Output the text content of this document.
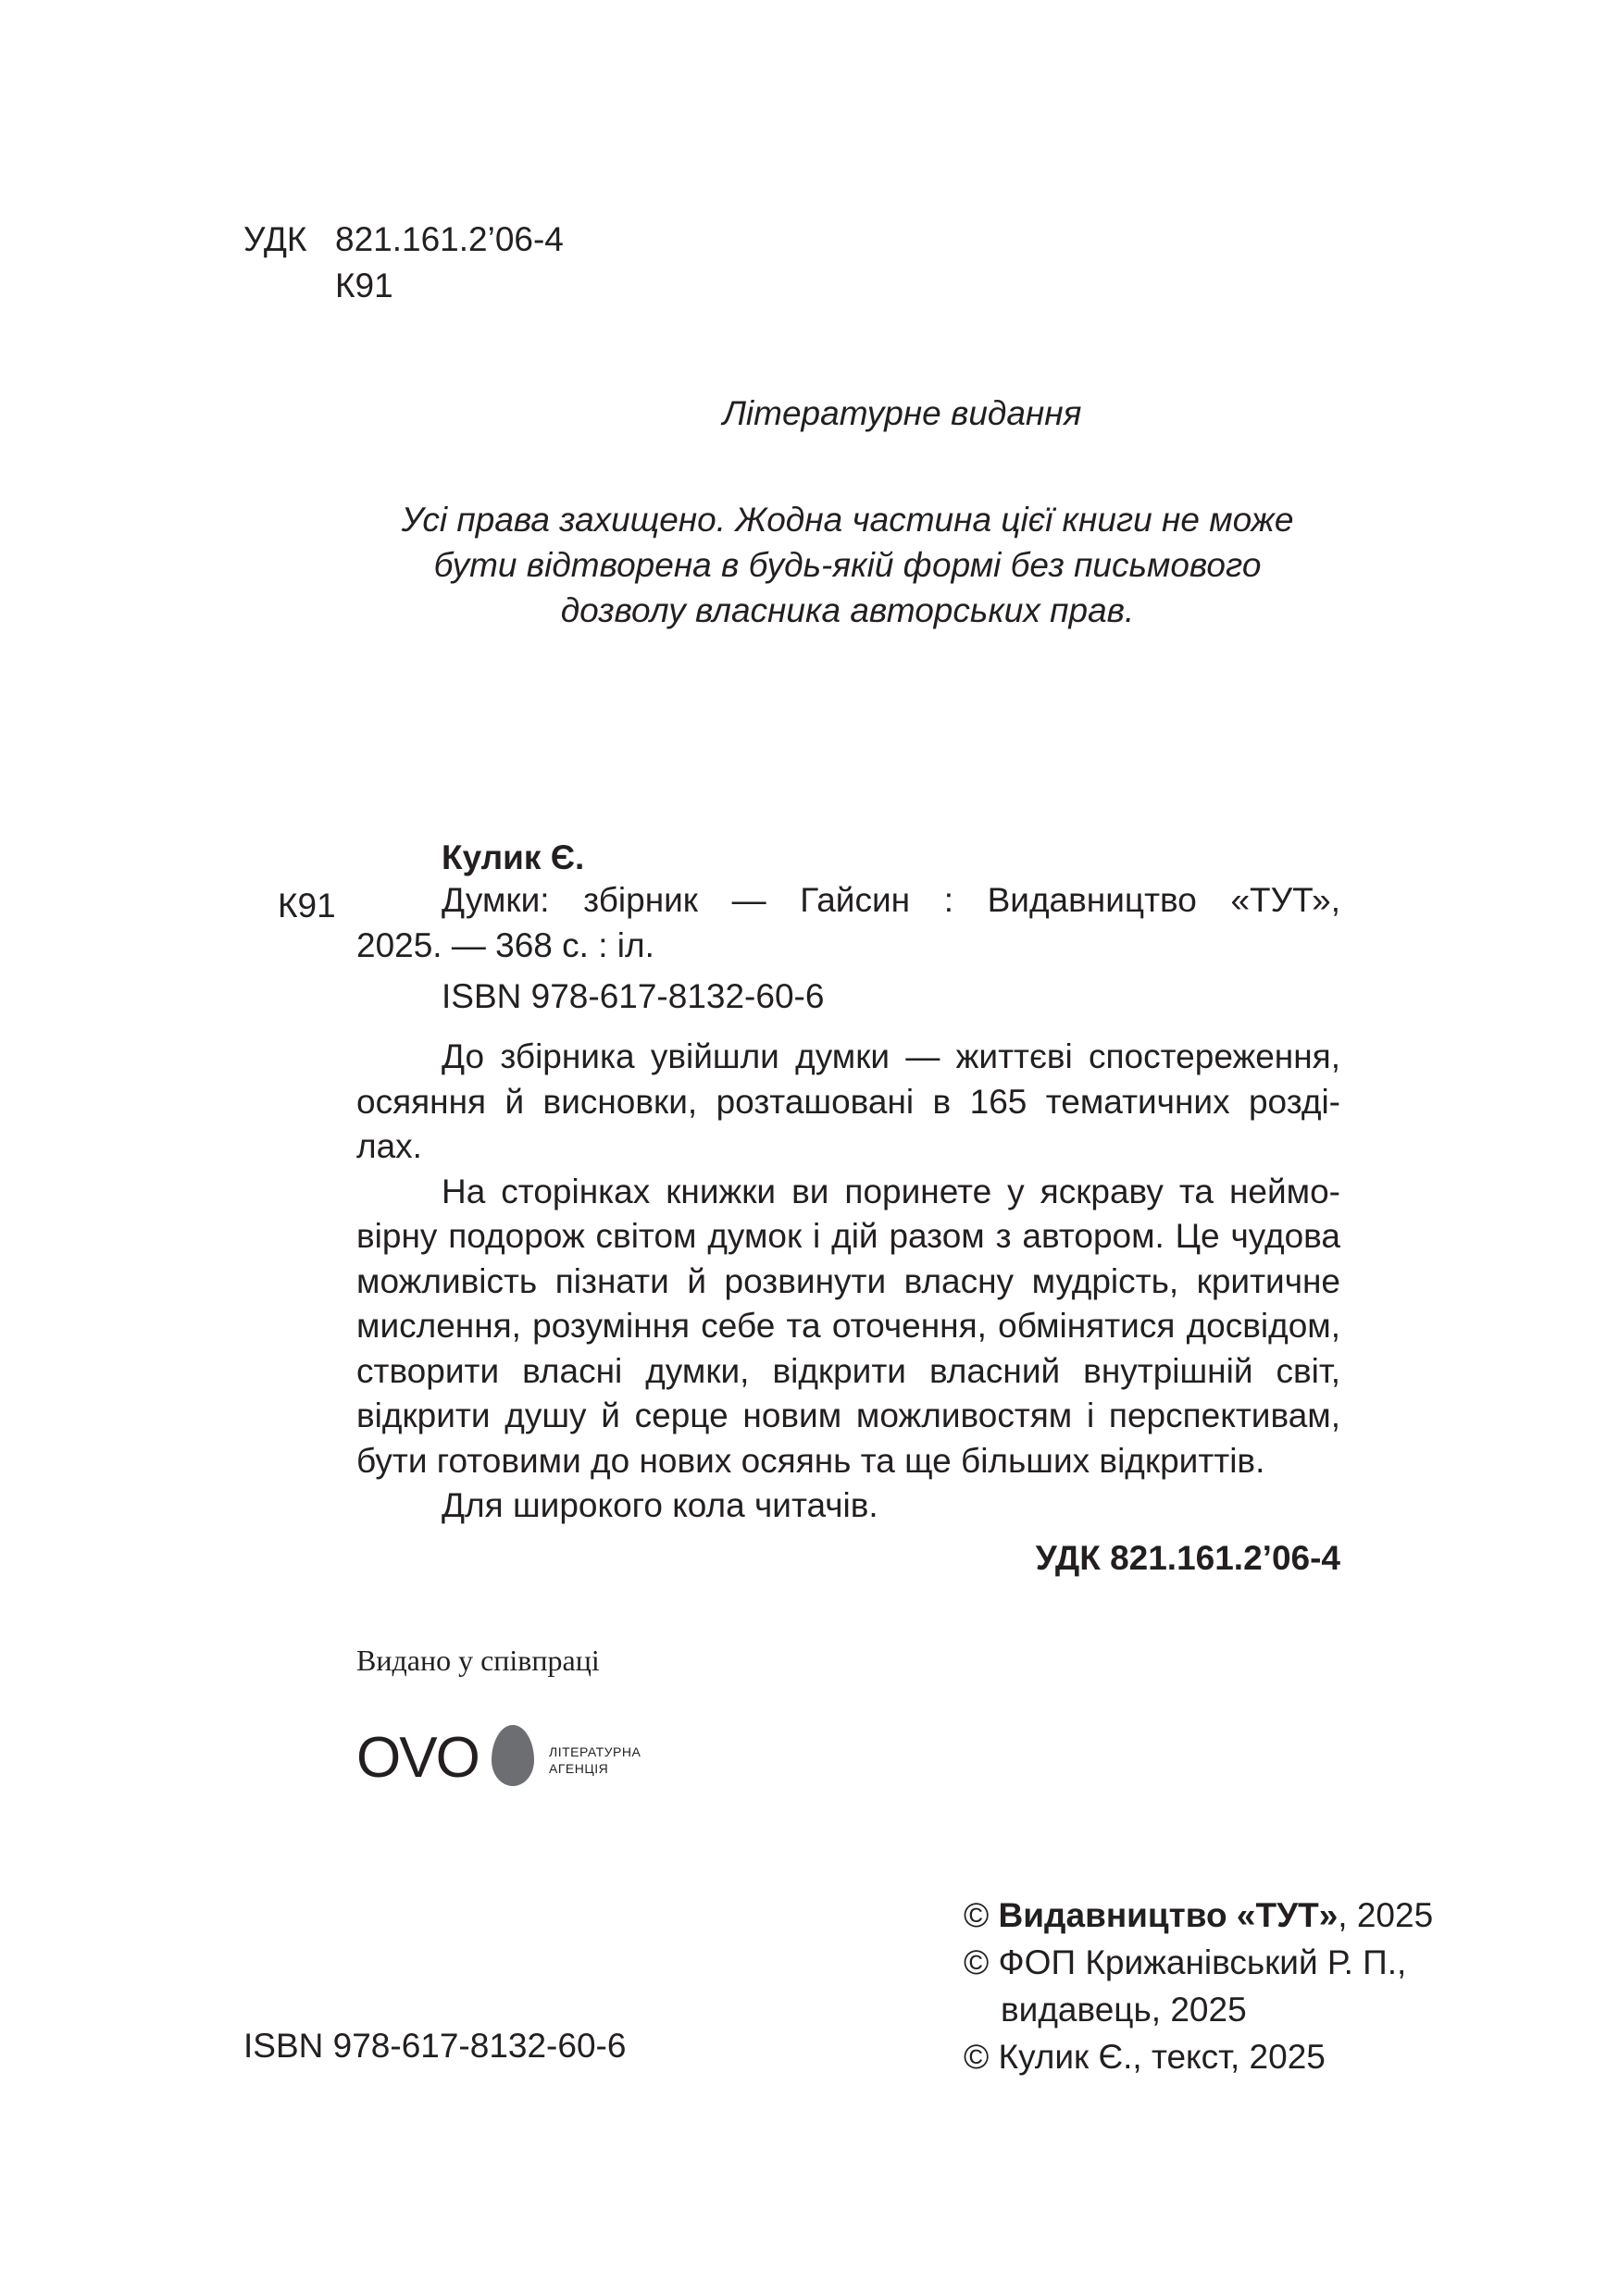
УДК 821.161.2’06-4
К91
Літературне видання
Усі права захищено. Жодна частина цієї книги не може
бути відтворена в будь-якій формі без письмового
дозволу власника авторських прав.
Кулик Є.
К91	Думки: збірник — Гайсин : Видавництво «ТУТ»,
2025. — 368 с. : іл.
ISBN 978-617-8132-60-6
До збірника увійшли думки — життєві спостереження,
осяяння й висновки, розташовані в 165 тематичних розді-
лах.
На сторінках книжки ви поринете у яскраву та неймо-
вірну подорож світом думок і дій разом з автором. Це чудова
можливість пізнати й розвинути власну мудрість, критичне
мислення, розуміння себе та оточення, обмінятися досвідом,
створити власні думки, відкрити власний внутрішній світ,
відкрити душу й серце новим можливостям і перспективам,
бути готовими до нових осяянь та ще більших відкриттів.
Для широкого кола читачів.
УДК 821.161.2’06-4
Видано у співпраці
OVO	ЛІТЕРАТУРНА
АГЕНЦІЯ
ISBN 978-617-8132-60-6
© Видавництво «ТУТ», 2025
© ФОП Крижанівський Р. П.,
видавець, 2025
© Кулик Є., текст, 2025
